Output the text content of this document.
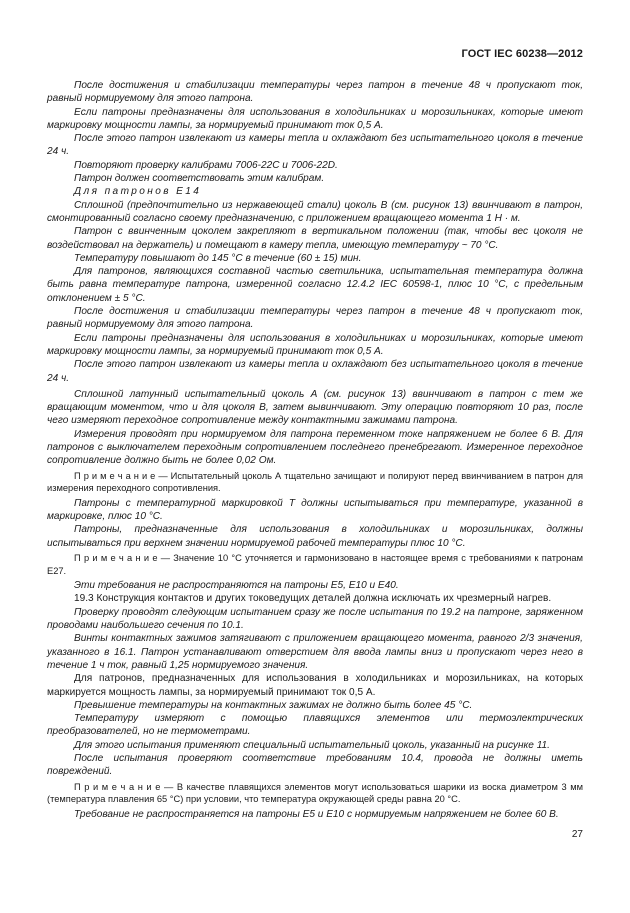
ГОСТ IEC 60238—2012

После достижения и стабилизации температуры через патрон в течение 48 ч пропускают ток, равный нормируемому для этого патрона.

Если патроны предназначены для использования в холодильниках и морозильниках, которые имеют маркировку мощности лампы, за нормируемый принимают ток 0,5 А.

После этого патрон извлекают из камеры тепла и охлаждают без испытательного цоколя в течение 24 ч.

Повторяют проверку калибрами 7006-22С и 7006-22D.

Патрон должен соответствовать этим калибрам.

Для патронов Е14

Сплошной (предпочтительно из нержавеющей стали) цоколь В (см. рисунок 13) ввинчивают в патрон, смонтированный согласно своему предназначению, с приложением вращающего момента 1 Н · м.

Патрон с ввинченным цоколем закрепляют в вертикальном положении (так, чтобы вес цоколя не воздействовал на держатель) и помещают в камеру тепла, имеющую температуру ~ 70 °С.

Температуру повышают до 145 °С в течение (60 ± 15) мин.

Для патронов, являющихся составной частью светильника, испытательная температура должна быть равна температуре патрона, измеренной согласно 12.4.2 IEC 60598-1, плюс 10 °С, с предельным отклонением ± 5 °С.

После достижения и стабилизации температуры через патрон в течение 48 ч пропускают ток, равный нормируемому для этого патрона.

Если патроны предназначены для использования в холодильниках и морозильниках, которые имеют маркировку мощности лампы, за нормируемый принимают ток 0,5 А.

После этого патрон извлекают из камеры тепла и охлаждают без испытательного цоколя в течение 24 ч.

Сплошной латунный испытательный цоколь А (см. рисунок 13) ввинчивают в патрон с тем же вращающим моментом, что и для цоколя В, затем вывинчивают. Эту операцию повторяют 10 раз, после чего измеряют переходное сопротивление между контактными зажимами патрона.

Измерения проводят при нормируемом для патрона переменном токе напряжением не более 6 В. Для патронов с выключателем переходным сопротивлением последнего пренебрегают. Измеренное переходное сопротивление должно быть не более 0,02 Ом.

П р и м е ч а н и е — Испытательный цоколь А тщательно зачищают и полируют перед ввинчиванием в патрон для измерения переходного сопротивления.

Патроны с температурной маркировкой Т должны испытываться при температуре, указанной в маркировке, плюс 10 °С.

Патроны, предназначенные для использования в холодильниках и морозильниках, должны испытываться при верхнем значении нормируемой рабочей температуры плюс 10 °С.

П р и м е ч а н и е — Значение 10 °С уточняется и гармонизовано в настоящее время с требованиями к патронам Е27.

Эти требования не распространяются на патроны Е5, Е10 и Е40.

19.3 Конструкция контактов и других токоведущих деталей должна исключать их чрезмерный нагрев.

Проверку проводят следующим испытанием сразу же после испытания по 19.2 на патроне, заряженном проводами наибольшего сечения по 10.1.

Винты контактных зажимов затягивают с приложением вращающего момента, равного 2/3 значения, указанного в 16.1. Патрон устанавливают отверстием для ввода лампы вниз и пропускают через него в течение 1 ч ток, равный 1,25 нормируемого значения.

Для патронов, предназначенных для использования в холодильниках и морозильниках, на которых маркируется мощность лампы, за нормируемый принимают ток 0,5 А.

Превышение температуры на контактных зажимах не должно быть более 45 °С.

Температуру измеряют с помощью плавящихся элементов или термоэлектрических преобразователей, но не термометрами.

Для этого испытания применяют специальный испытательный цоколь, указанный на рисунке 11.

После испытания проверяют соответствие требованиям 10.4, провода не должны иметь повреждений.

П р и м е ч а н и е — В качестве плавящихся элементов могут использоваться шарики из воска диаметром 3 мм (температура плавления 65 °С) при условии, что температура окружающей среды равна 20 °С.

Требование не распространяется на патроны Е5 и Е10 с нормируемым напряжением не более 60 В.

27
